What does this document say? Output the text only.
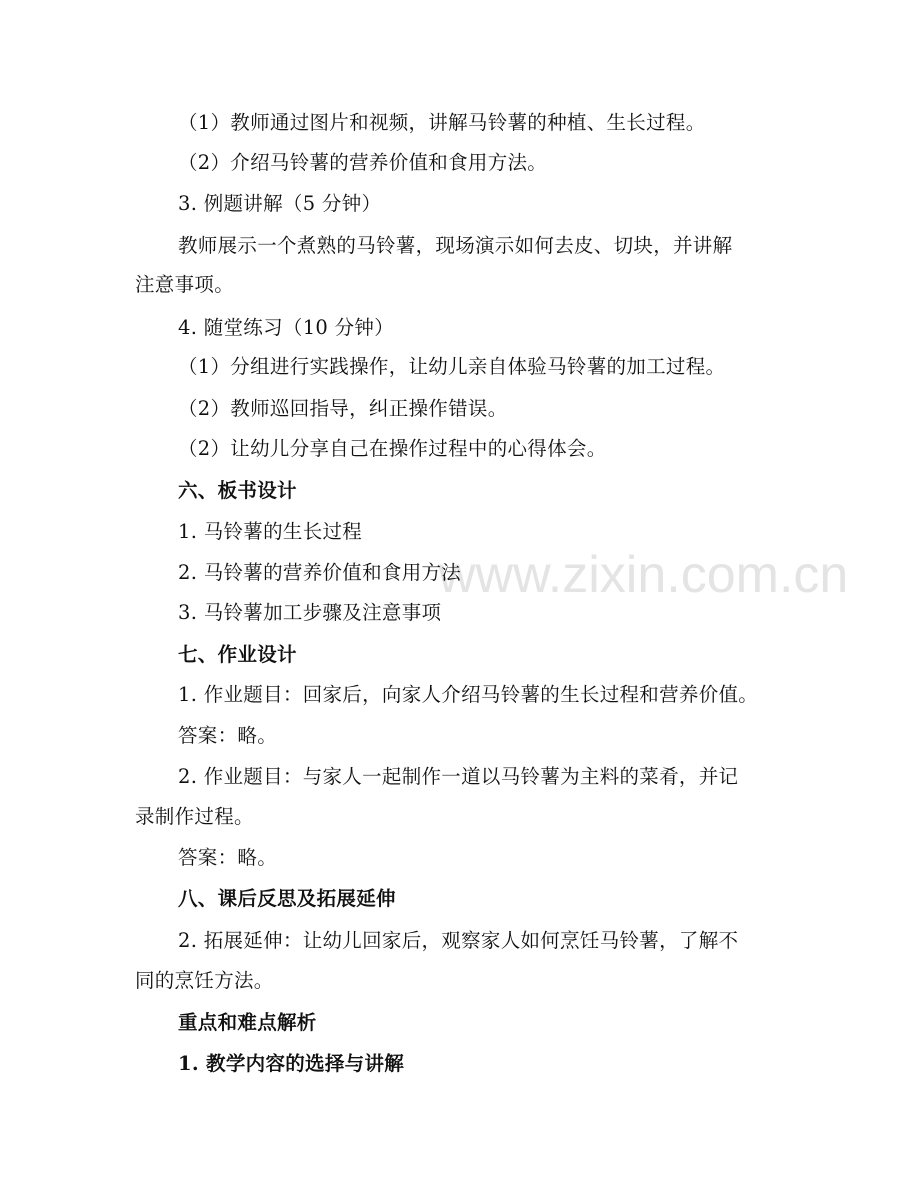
www.zixin.com.cn
（1）教师通过图片和视频，讲解马铃薯的种植、生长过程。
（2）介绍马铃薯的营养价值和食用方法。
3. 例题讲解（5 分钟）
教师展示一个煮熟的马铃薯，现场演示如何去皮、切块，并讲解
注意事项。
4. 随堂练习（10 分钟）
（1）分组进行实践操作，让幼儿亲自体验马铃薯的加工过程。
（2）教师巡回指导，纠正操作错误。
（2）让幼儿分享自己在操作过程中的心得体会。
六、板书设计
1. 马铃薯的生长过程
2. 马铃薯的营养价值和食用方法
3. 马铃薯加工步骤及注意事项
七、作业设计
1. 作业题目：回家后，向家人介绍马铃薯的生长过程和营养价值。
答案：略。
2. 作业题目：与家人一起制作一道以马铃薯为主料的菜肴，并记
录制作过程。
答案：略。
八、课后反思及拓展延伸
2. 拓展延伸：让幼儿回家后，观察家人如何烹饪马铃薯，了解不
同的烹饪方法。
重点和难点解析
1. 教学内容的选择与讲解
